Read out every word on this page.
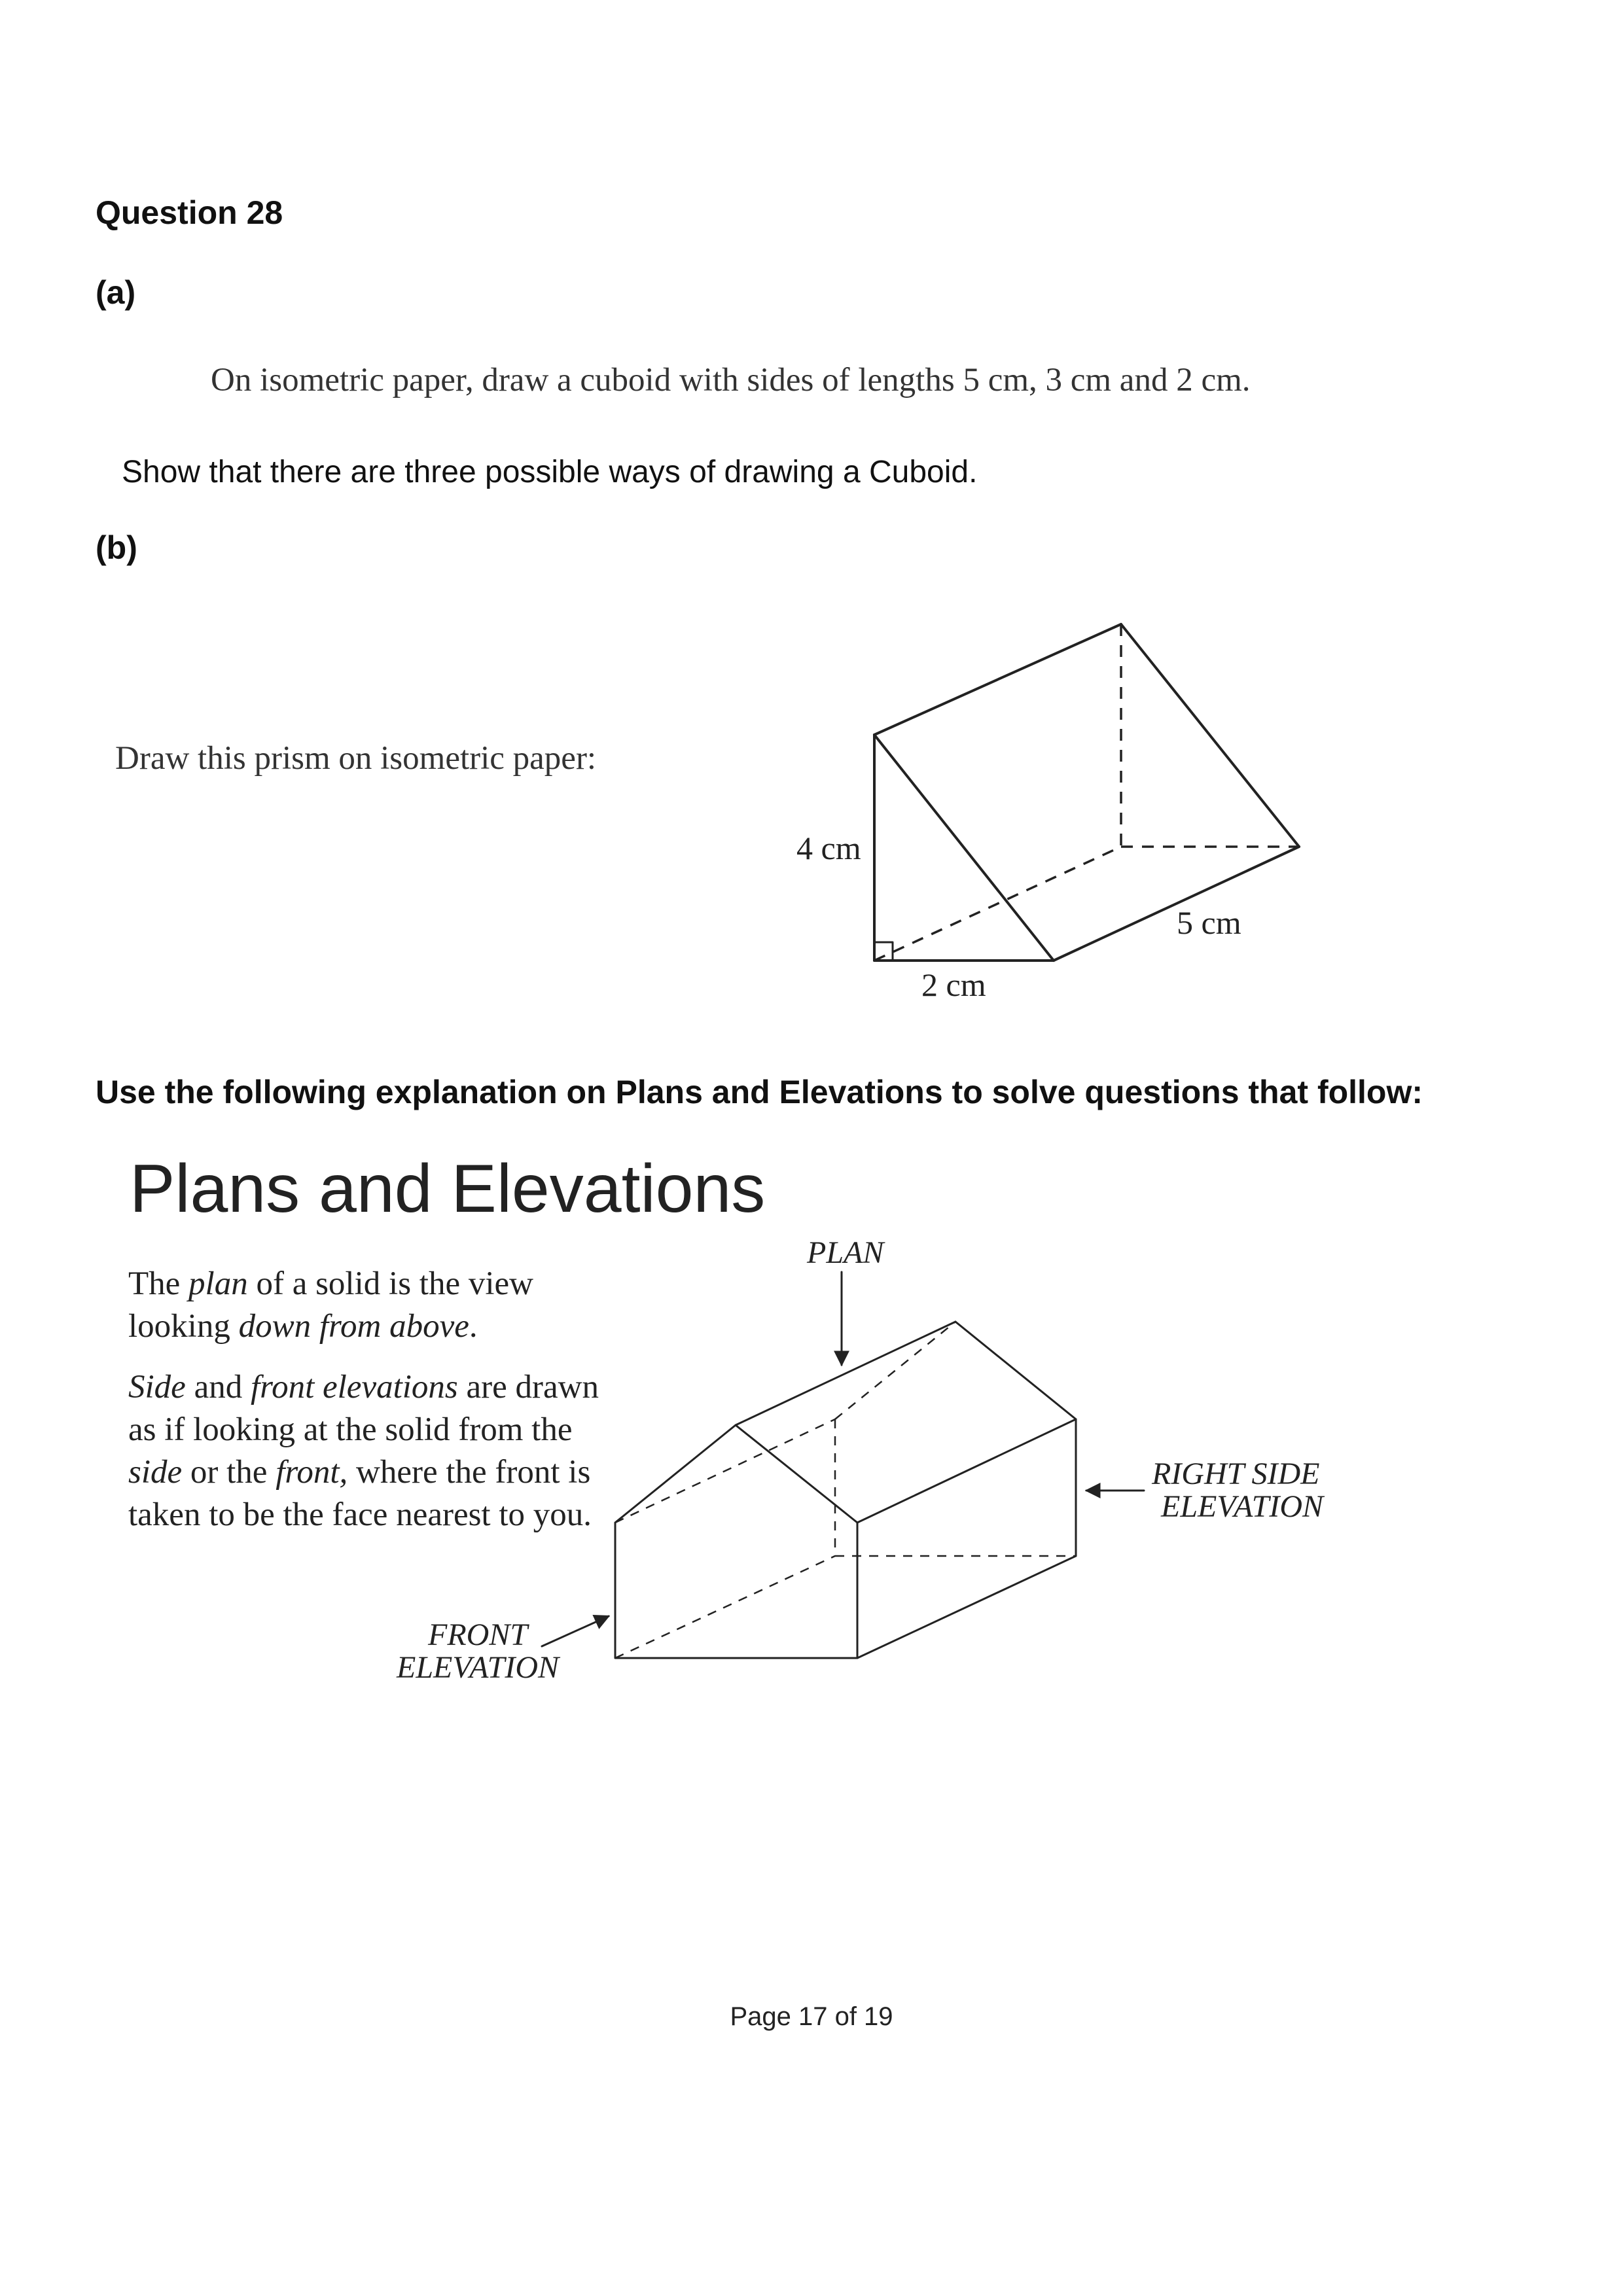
Question 28
(a)
On isometric paper, draw a cuboid with sides of lengths 5 cm, 3 cm and 2 cm.
Show that there are three possible ways of drawing a Cuboid.
(b)
Draw this prism on isometric paper:
4 cm
2 cm
5 cm
Use the following explanation on Plans and Elevations to solve questions that follow:
Plans and Elevations
The plan of a solid is the view looking down from above.
Side and front elevations are drawn as if looking at the solid from the side or the front, where the front is taken to be the face nearest to you.
PLAN
RIGHT SIDE
ELEVATION
FRONT
ELEVATION
Page 17 of 19
